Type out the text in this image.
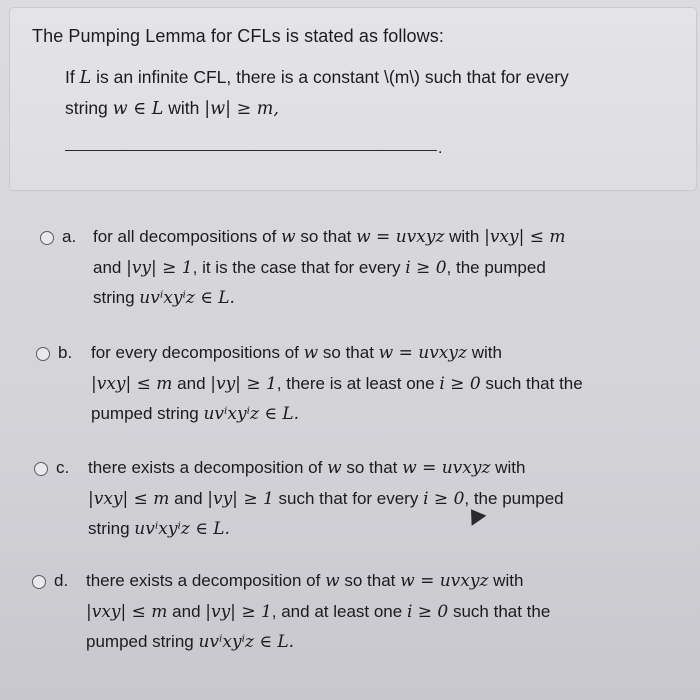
The Pumping Lemma for CFLs is stated as follows:
If L is an infinite CFL, there is a constant \(m\) such that for every
string w ∈ L with |w| ≥ m,
.
a. for all decompositions of w so that w = uvxyz with |vxy| ≤ m

and |vy| ≥ 1, it is the case that for every i ≥ 0, the pumped

string uvⁱxyⁱz ∈ L.

b. for every decompositions of w so that w = uvxyz with

|vxy| ≤ m and |vy| ≥ 1, there is at least one i ≥ 0 such that the

pumped string uvⁱxyⁱz ∈ L.

c. there exists a decomposition of w so that w = uvxyz with

|vxy| ≤ m and |vy| ≥ 1 such that for every i ≥ 0, the pumped

string uvⁱxyⁱz ∈ L.

d. there exists a decomposition of w so that w = uvxyz with

|vxy| ≤ m and |vy| ≥ 1, and at least one i ≥ 0 such that the

pumped string uvⁱxyⁱz ∈ L.
